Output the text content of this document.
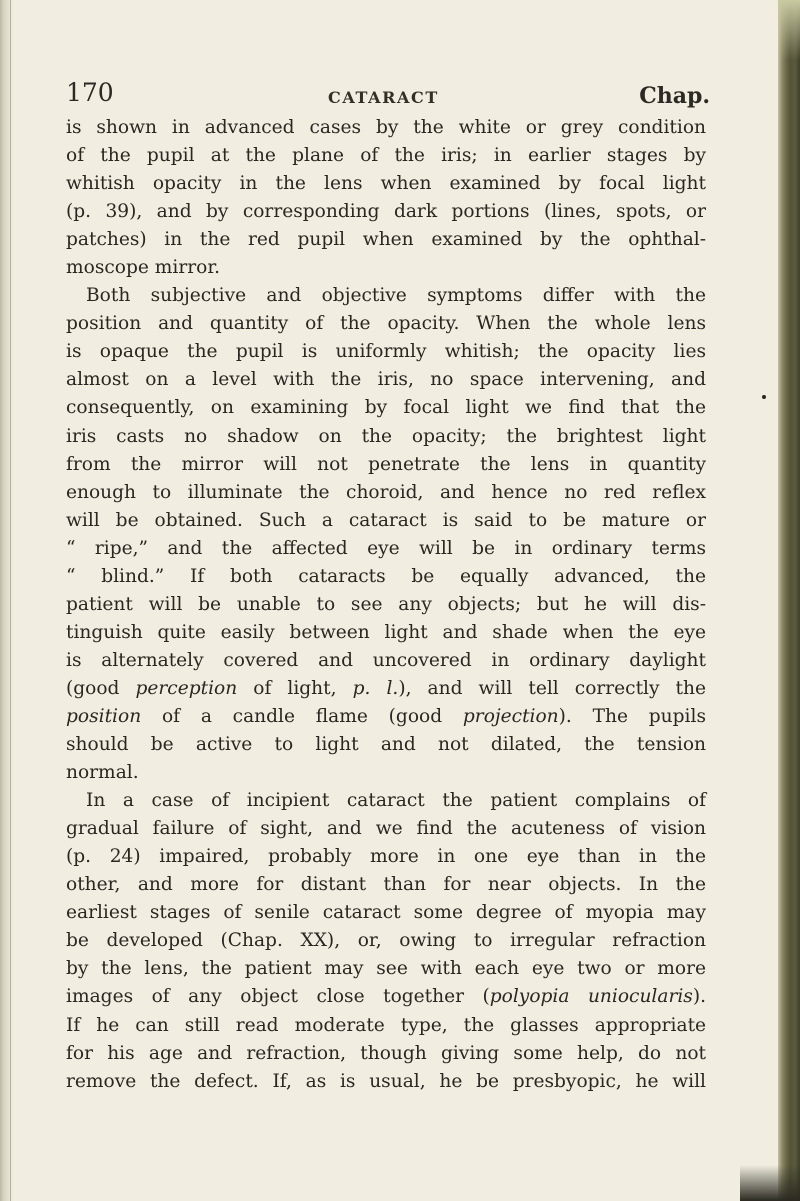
170	CATARACT	Chap.
is shown in advanced cases by the white or grey condition
of the pupil at the plane of the iris; in earlier stages by
whitish opacity in the lens when examined by focal light
(p. 39), and by corresponding dark portions (lines, spots, or
patches) in the red pupil when examined by the ophthal-
moscope mirror.
Both subjective and objective symptoms differ with the
position and quantity of the opacity. When the whole lens
is opaque the pupil is uniformly whitish; the opacity lies
almost on a level with the iris, no space intervening, and
consequently, on examining by focal light we find that the
iris casts no shadow on the opacity; the brightest light
from the mirror will not penetrate the lens in quantity
enough to illuminate the choroid, and hence no red reflex
will be obtained. Such a cataract is said to be mature or
“ ripe,” and the affected eye will be in ordinary terms
“ blind.” If both cataracts be equally advanced, the
patient will be unable to see any objects; but he will dis-
tinguish quite easily between light and shade when the eye
is alternately covered and uncovered in ordinary daylight
(good perception of light, p. l.), and will tell correctly the
position of a candle flame (good projection). The pupils
should be active to light and not dilated, the tension
normal.
In a case of incipient cataract the patient complains of
gradual failure of sight, and we find the acuteness of vision
(p. 24) impaired, probably more in one eye than in the
other, and more for distant than for near objects. In the
earliest stages of senile cataract some degree of myopia may
be developed (Chap. XX), or, owing to irregular refraction
by the lens, the patient may see with each eye two or more
images of any object close together (polyopia uniocularis).
If he can still read moderate type, the glasses appropriate
for his age and refraction, though giving some help, do not
remove the defect. If, as is usual, he be presbyopic, he will
